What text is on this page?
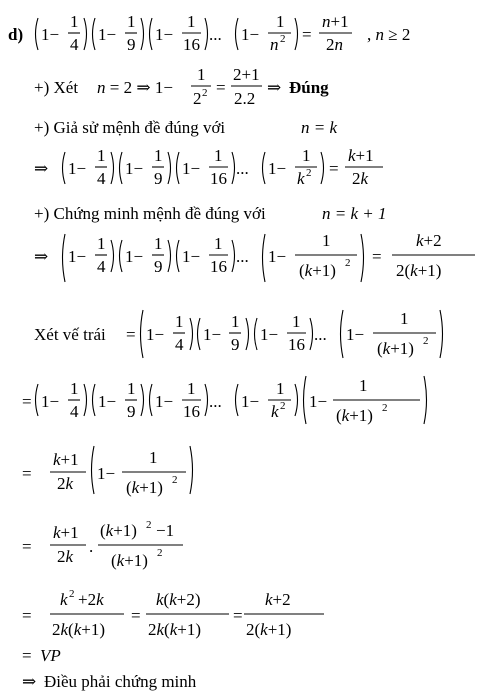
d) 1−
1
4
1−
1
9
1−
1
16
... 1−
1
n 2 =
n+1
2n
, n ≥ 2
+) Xét n = 2 ⇒ 1−
1
2 2 =
2+1
2.2
⇒ Đúng
+) Giả sử mệnh đề đúng với	n = k
⇒ 1−
1
4
1−
1
9
1−
1
16
... 1−
1
k 2 =
k+1
2k
+) Chứng minh mệnh đề đúng với	n = k + 1
⇒ 1−
1
4
1−
1
9
1−
1
16
... 1−
1
(k+1) 2 =
k+2
2(k+1)
Xét vế trái = 1−
1
4
1−
1
9
1−
1
16
... 1−
1
(k+1) 2
= 1−
1
4
1−
1
9
1−
1
16
... 1−
1
k 2 1−
1
(k+1) 2
=
k+1
2k
1−
1
(k+1) 2
=
k+1
2k
.
(k+1) 2 −1
(k+1) 2
=
k 2 +2k
2k(k+1)
=
k(k+2)
2k(k+1)
=
k+2
2(k+1)
= VP
⇒ Điều phải chứng minh
